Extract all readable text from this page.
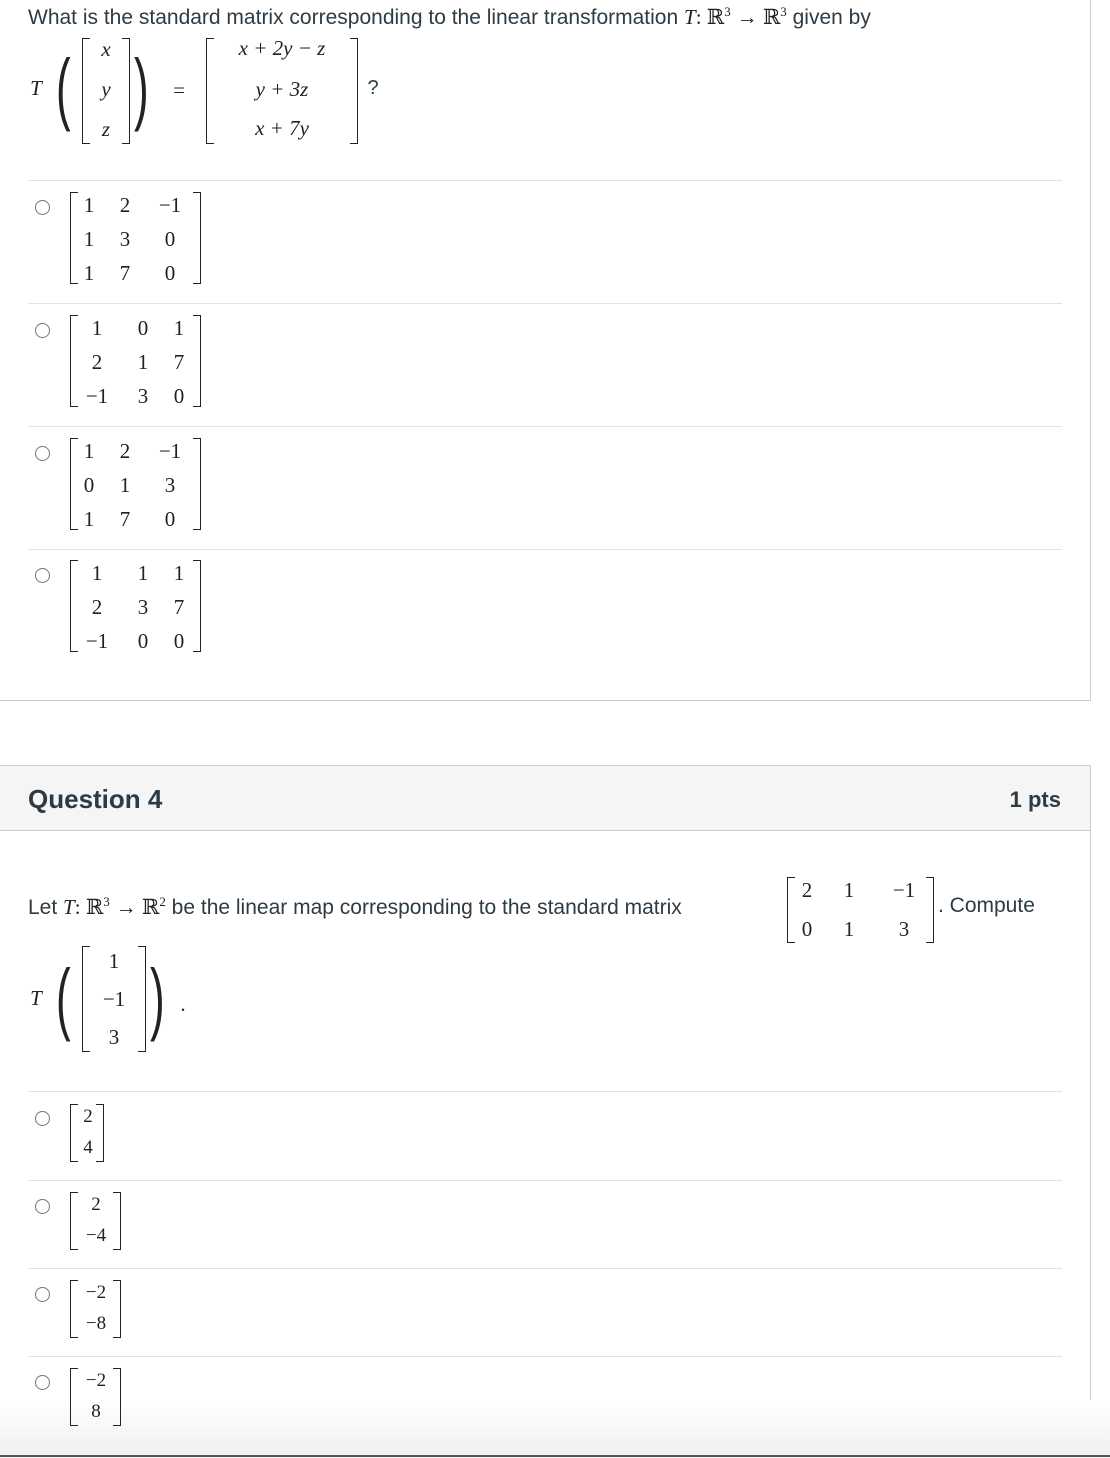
What is the standard matrix corresponding to the linear transformation T: ℝ$^3$ → ℝ$^3$ given by
T (	x
y
z ) =
x + 2y − z
y + 3z
x + 7y
?
1 2	−1
1 3	0
1 7	0
1	0 1
2	1 7
−1	3 0
1 2	−1
0 1	3
1 7	0
1	1 1
2	3 7
−1	0 0
Question 4	1 pts
Let T: ℝ$^3$ → ℝ$^2$ be the linear map corresponding to the standard matrix
2 1	−1
0 1	3
. Compute
T (	1
−1
3 ) .
2
4
2
−4
−2
−8
−2
8
